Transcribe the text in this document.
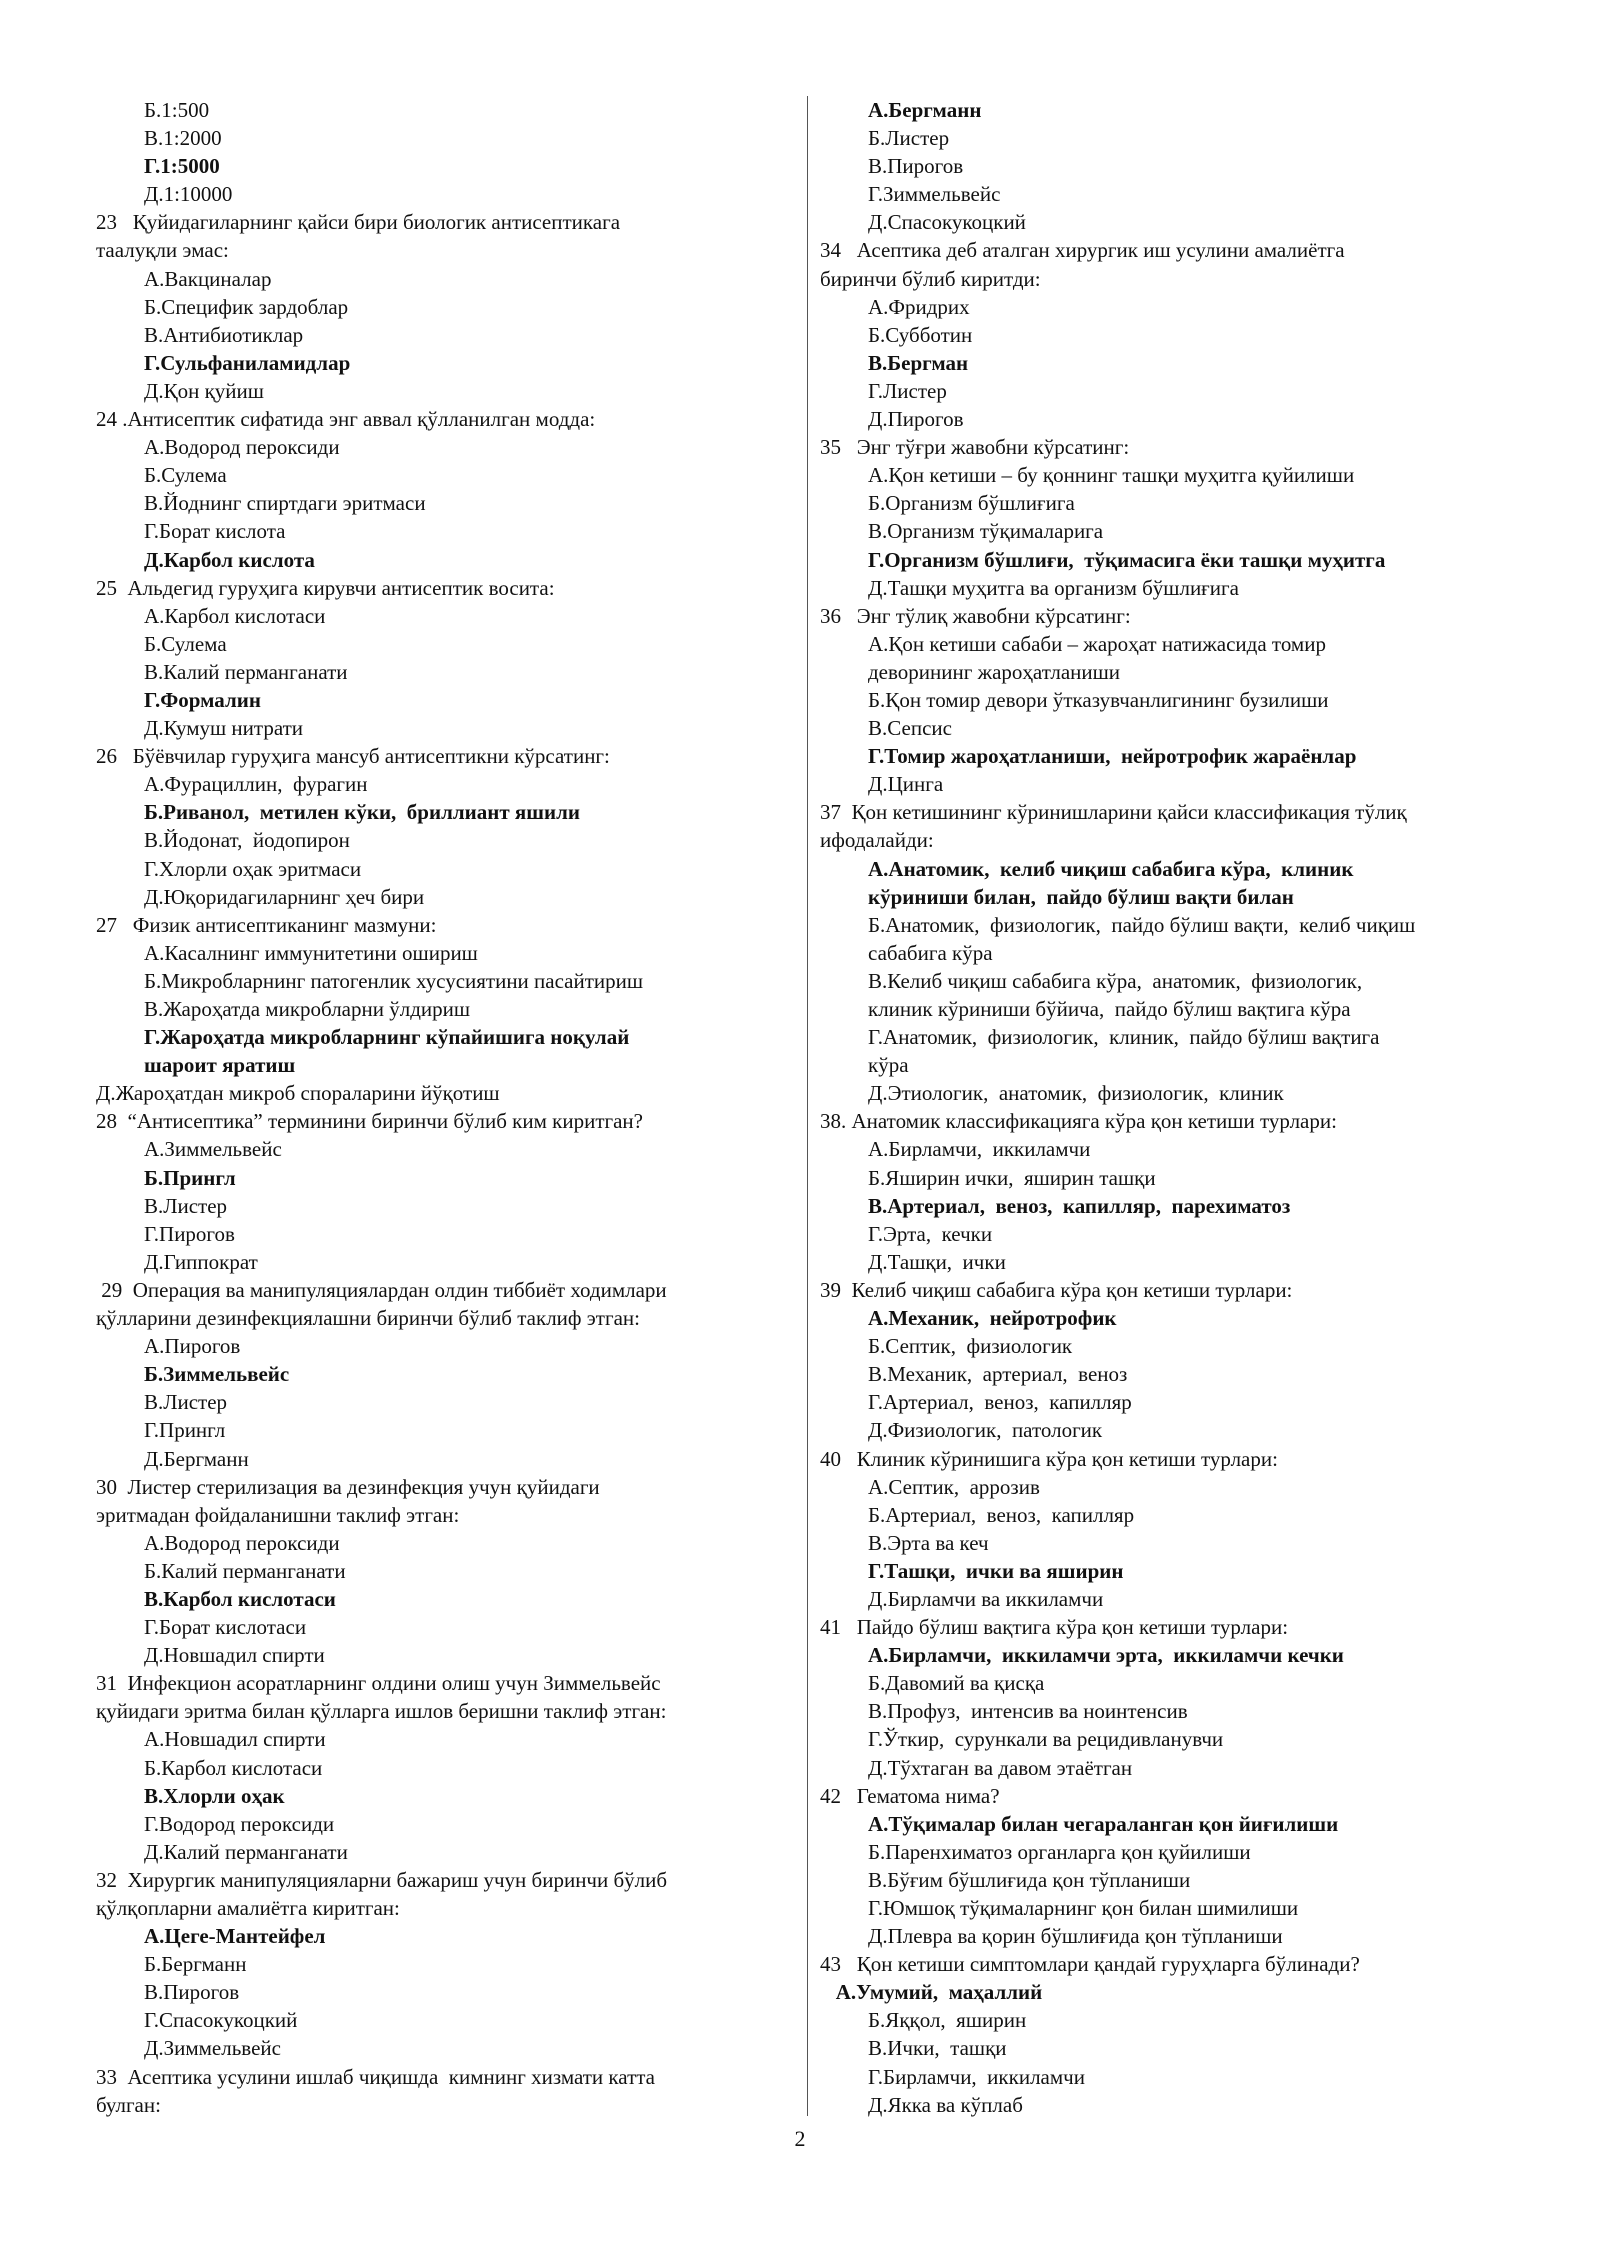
Б.1:500
В.1:2000
Г.1:5000
Д.1:10000
23   Қуйидагиларнинг қайси бири биологик антисептикага
таалуқли эмас:
А.Вакциналар
Б.Специфик зардоблар
В.Антибиотиклар
Г.Сульфаниламидлар
Д.Қон қуйиш
24 .Антисептик сифатида энг аввал қўлланилган модда:
А.Водород пероксиди
Б.Сулема
В.Йоднинг спиртдаги эритмаси
Г.Борат кислота
Д.Карбол кислота
25  Альдегид гуруҳига кирувчи антисептик восита:
А.Карбол кислотаси
Б.Сулема
В.Калий перманганати
Г.Формалин
Д.Кумуш нитрати
26   Бўёвчилар гуруҳига мансуб антисептикни кўрсатинг:
А.Фурациллин,  фурагин
Б.Риванол,  метилен кўки,  бриллиант яшили
В.Йодонат,  йодопирон
Г.Хлорли оҳак эритмаси
Д.Юқоридагиларнинг ҳеч бири
27   Физик антисептиканинг мазмуни:
А.Касалнинг иммунитетини ошириш
Б.Микробларнинг патогенлик хусусиятини пасайтириш
В.Жароҳатда микробларни ўлдириш
Г.Жароҳатда микробларнинг кўпайишига ноқулай
шароит яратиш
Д.Жароҳатдан микроб спораларини йўқотиш
28  “Антисептика” терминини биринчи бўлиб ким киритган?
А.Зиммельвейс
Б.Прингл
В.Листер
Г.Пирогов
Д.Гиппократ
29  Операция ва манипуляциялардан олдин тиббиёт ходимлари
қўлларини дезинфекциялашни биринчи бўлиб таклиф этган:
А.Пирогов
Б.Зиммельвейс
В.Листер
Г.Прингл
Д.Бергманн
30  Листер стерилизация ва дезинфекция учун қуйидаги
эритмадан фойдаланишни таклиф этган:
А.Водород пероксиди
Б.Калий перманганати
В.Карбол кислотаси
Г.Борат кислотаси
Д.Новшадил спирти
31  Инфекцион асоратларнинг олдини олиш учун Зиммельвейс
қуйидаги эритма билан қўлларга ишлов беришни таклиф этган:
А.Новшадил спирти
Б.Карбол кислотаси
В.Хлорли оҳак
Г.Водород пероксиди
Д.Калий перманганати
32  Хирургик манипуляцияларни бажариш учун биринчи бўлиб
қўлқопларни амалиётга киритган:
А.Цеге-Мантейфел
Б.Бергманн
В.Пирогов
Г.Спасокукоцкий
Д.Зиммельвейс
33  Асептика усулини ишлаб чиқишда  кимнинг хизмати катта
булган:
А.Бергманн
Б.Листер
В.Пирогов
Г.Зиммельвейс
Д.Спасокукоцкий
34   Асептика деб аталган хирургик иш усулини амалиётга
биринчи бўлиб киритди:
А.Фридрих
Б.Субботин
В.Бергман
Г.Листер
Д.Пирогов
35   Энг тўғри жавобни кўрсатинг:
А.Қон кетиши – бу қоннинг ташқи муҳитга қуйилиши
Б.Организм бўшлиғига
В.Организм тўқималарига
Г.Организм бўшлиғи,  тўқимасига ёки ташқи муҳитга
Д.Ташқи муҳитга ва организм бўшлиғига
36   Энг тўлиқ жавобни кўрсатинг:
А.Қон кетиши сабаби – жароҳат натижасида томир
деворининг жароҳатланиши
Б.Қон томир девори ўтказувчанлигининг бузилиши
В.Сепсис
Г.Томир жароҳатланиши,  нейротрофик жараёнлар
Д.Цинга
37  Қон кетишининг кўринишларини қайси классификация тўлиқ
ифодалайди:
А.Анатомик,  келиб чиқиш сабабига кўра,  клиник
кўриниши билан,  пайдо бўлиш вақти билан
Б.Анатомик,  физиологик,  пайдо бўлиш вақти,  келиб чиқиш
сабабига кўра
В.Келиб чиқиш сабабига кўра,  анатомик,  физиологик,
клиник кўриниши бўйича,  пайдо бўлиш вақтига кўра
Г.Анатомик,  физиологик,  клиник,  пайдо бўлиш вақтига
кўра
Д.Этиологик,  анатомик,  физиологик,  клиник
38. Анатомик классификацияга кўра қон кетиши турлари:
А.Бирламчи,  иккиламчи
Б.Яширин ички,  яширин ташқи
В.Артериал,  веноз,  капилляр,  парехиматоз
Г.Эрта,  кечки
Д.Ташқи,  ички
39  Келиб чиқиш сабабига кўра қон кетиши турлари:
А.Механик,  нейротрофик
Б.Септик,  физиологик
В.Механик,  артериал,  веноз
Г.Артериал,  веноз,  капилляр
Д.Физиологик,  патологик
40   Клиник кўринишига кўра қон кетиши турлари:
А.Септик,  аррозив
Б.Артериал,  веноз,  капилляр
В.Эрта ва кеч
Г.Ташқи,  ички ва яширин
Д.Бирламчи ва иккиламчи
41   Пайдо бўлиш вақтига кўра қон кетиши турлари:
А.Бирламчи,  иккиламчи эрта,  иккиламчи кечки
Б.Давомий ва қисқа
В.Профуз,  интенсив ва ноинтенсив
Г.Ўткир,  сурункали ва рецидивланувчи
Д.Тўхтаган ва давом этаётган
42   Гематома нима?
А.Тўқималар билан чегараланган қон йиғилиши
Б.Паренхиматоз органларга қон қуйилиши
В.Бўғим бўшлиғида қон тўпланиши
Г.Юмшоқ тўқималарнинг қон билан шимилиши
Д.Плевра ва қорин бўшлиғида қон тўпланиши
43   Қон кетиши симптомлари қандай гуруҳларга бўлинади?
А.Умумий,  маҳаллий
Б.Яққол,  яширин
В.Ички,  ташқи
Г.Бирламчи,  иккиламчи
Д.Якка ва кўплаб
2
